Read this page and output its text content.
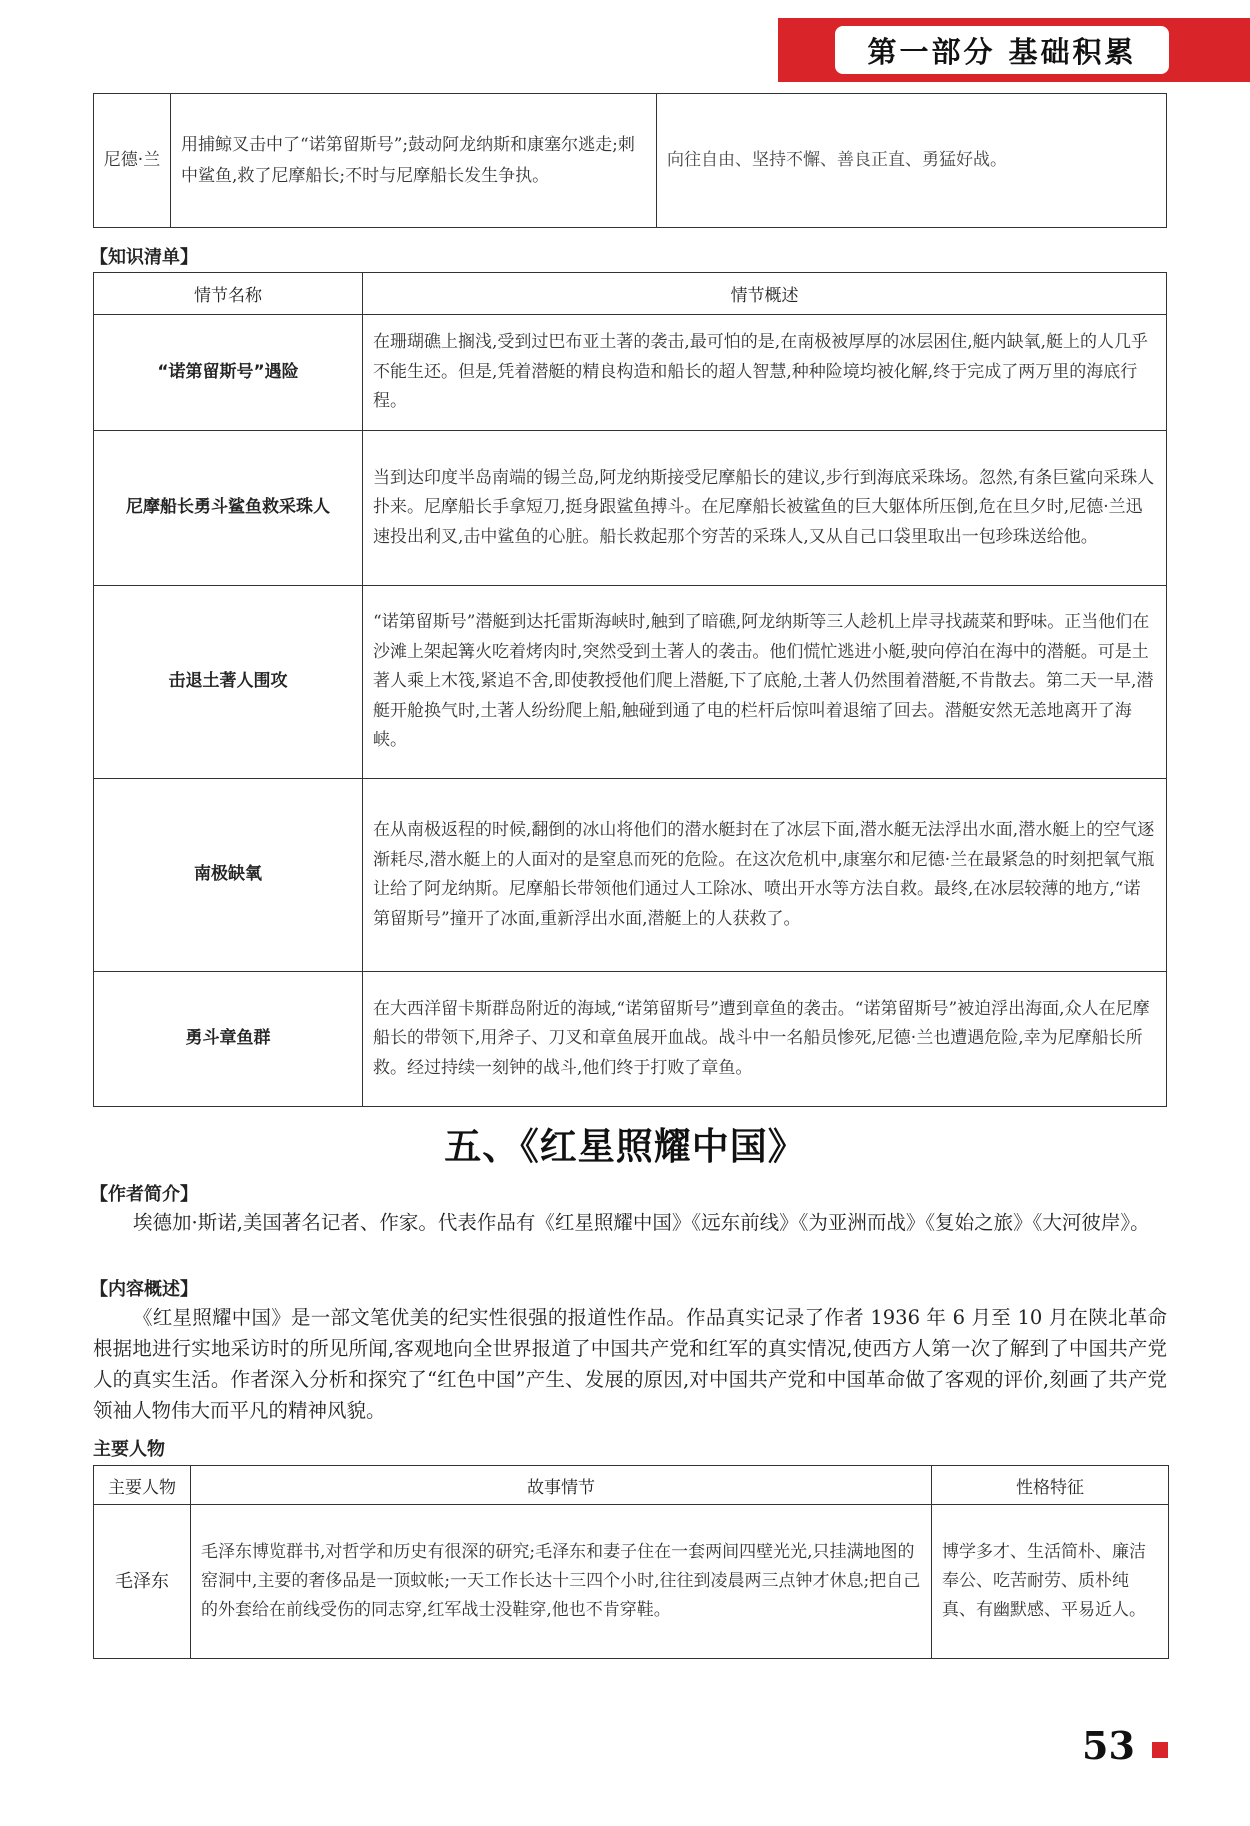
第一部分 基础积累
尼德·兰	用捕鲸叉击中了“诺第留斯号”;鼓动阿龙纳斯和康塞尔逃走;刺中鲨鱼,救了尼摩船长;不时与尼摩船长发生争执。	向往自由、坚持不懈、善良正直、勇猛好战。
【知识清单】
情节名称	情节概述
“诺第留斯号”遇险	在珊瑚礁上搁浅,受到过巴布亚土著的袭击,最可怕的是,在南极被厚厚的冰层困住,艇内缺氧,艇上的人几乎不能生还。但是,凭着潜艇的精良构造和船长的超人智慧,种种险境均被化解,终于完成了两万里的海底行程。
尼摩船长勇斗鲨鱼救采珠人	当到达印度半岛南端的锡兰岛,阿龙纳斯接受尼摩船长的建议,步行到海底采珠场。忽然,有条巨鲨向采珠人扑来。尼摩船长手拿短刀,挺身跟鲨鱼搏斗。在尼摩船长被鲨鱼的巨大躯体所压倒,危在旦夕时,尼德·兰迅速投出利叉,击中鲨鱼的心脏。船长救起那个穷苦的采珠人,又从自己口袋里取出一包珍珠送给他。
击退土著人围攻	“诺第留斯号”潜艇到达托雷斯海峡时,触到了暗礁,阿龙纳斯等三人趁机上岸寻找蔬菜和野味。正当他们在沙滩上架起篝火吃着烤肉时,突然受到土著人的袭击。他们慌忙逃进小艇,驶向停泊在海中的潜艇。可是土著人乘上木筏,紧追不舍,即使教授他们爬上潜艇,下了底舱,土著人仍然围着潜艇,不肯散去。第二天一早,潜艇开舱换气时,土著人纷纷爬上船,触碰到通了电的栏杆后惊叫着退缩了回去。潜艇安然无恙地离开了海峡。
南极缺氧	在从南极返程的时候,翻倒的冰山将他们的潜水艇封在了冰层下面,潜水艇无法浮出水面,潜水艇上的空气逐渐耗尽,潜水艇上的人面对的是窒息而死的危险。在这次危机中,康塞尔和尼德·兰在最紧急的时刻把氧气瓶让给了阿龙纳斯。尼摩船长带领他们通过人工除冰、喷出开水等方法自救。最终,在冰层较薄的地方,“诺第留斯号”撞开了冰面,重新浮出水面,潜艇上的人获救了。
勇斗章鱼群	在大西洋留卡斯群岛附近的海域,“诺第留斯号”遭到章鱼的袭击。“诺第留斯号”被迫浮出海面,众人在尼摩船长的带领下,用斧子、刀叉和章鱼展开血战。战斗中一名船员惨死,尼德·兰也遭遇危险,幸为尼摩船长所救。经过持续一刻钟的战斗,他们终于打败了章鱼。
五、《红星照耀中国》
【作者简介】
埃德加·斯诺,美国著名记者、作家。代表作品有《红星照耀中国》《远东前线》《为亚洲而战》《复始之旅》《大河彼岸》。
【内容概述】
《红星照耀中国》是一部文笔优美的纪实性很强的报道性作品。作品真实记录了作者 1936 年 6 月至 10 月在陕北革命根据地进行实地采访时的所见所闻,客观地向全世界报道了中国共产党和红军的真实情况,使西方人第一次了解到了中国共产党人的真实生活。作者深入分析和探究了“红色中国”产生、发展的原因,对中国共产党和中国革命做了客观的评价,刻画了共产党领袖人物伟大而平凡的精神风貌。
主要人物
主要人物	故事情节	性格特征
毛泽东	毛泽东博览群书,对哲学和历史有很深的研究;毛泽东和妻子住在一套两间四壁光光,只挂满地图的窑洞中,主要的奢侈品是一顶蚊帐;一天工作长达十三四个小时,往往到凌晨两三点钟才休息;把自己的外套给在前线受伤的同志穿,红军战士没鞋穿,他也不肯穿鞋。	博学多才、生活简朴、廉洁奉公、吃苦耐劳、质朴纯真、有幽默感、平易近人。
53
